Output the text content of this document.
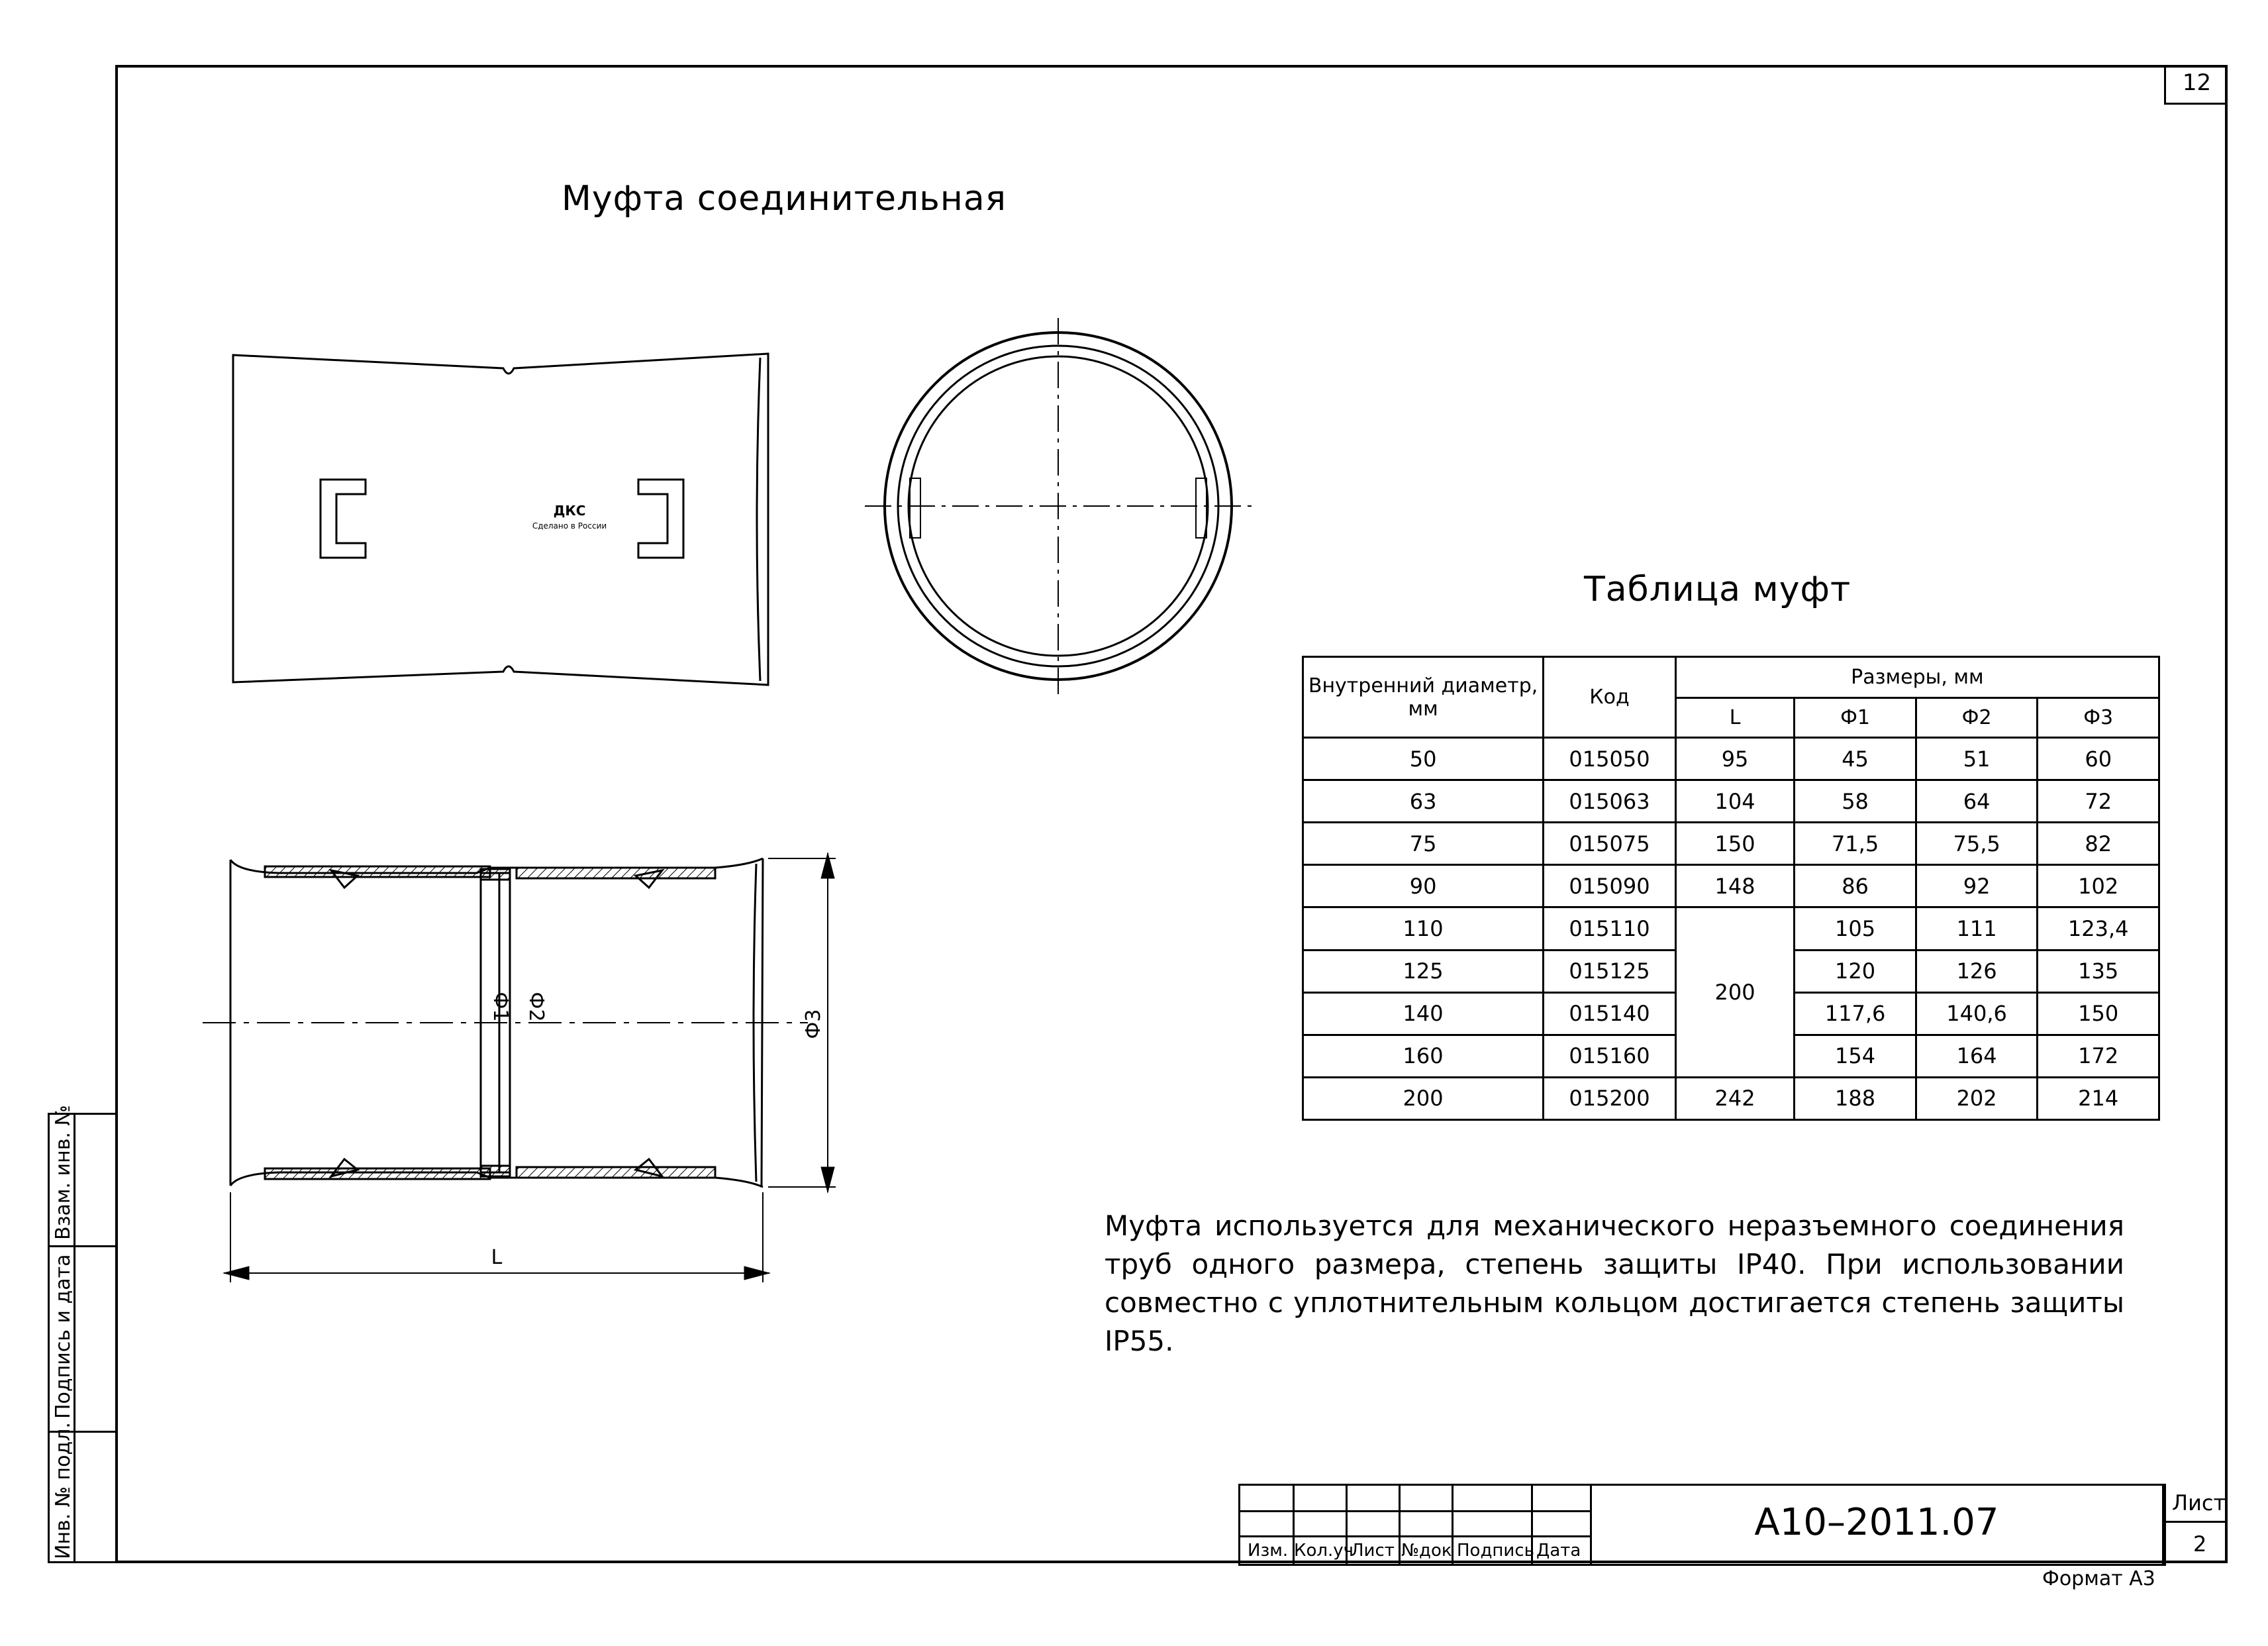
12
Муфта соединительная
ДКС
Сделано в России
Ф1 Ф2
Ф3
L
Таблица муфт
Внутренний диаметр, мм	Код	Размеры, мм			
		L	Ф1	Ф2	Ф3
50	015050	95	45	51	60
63	015063	104	58	64	72
75	015075	150	71,5	75,5	82
90	015090	148	86	92	102
110	015110	200	105	111	123,4
125	015125		120	126	135
140	015140		117,6	140,6	150
160	015160		154	164	172
200	015200	242	188	202	214
Муфта используется для механического неразъемного соединения труб одного размера, степень защиты IP40. При использовании совместно с уплотнительным кольцом достигается степень защиты IP55.
Взам. инв. №
Подпись и дата
Инв. № подл.	Изм. Кол.уч
Лист №док Подпись Дата
А10–2011.07	Лист
2
Формат А3
